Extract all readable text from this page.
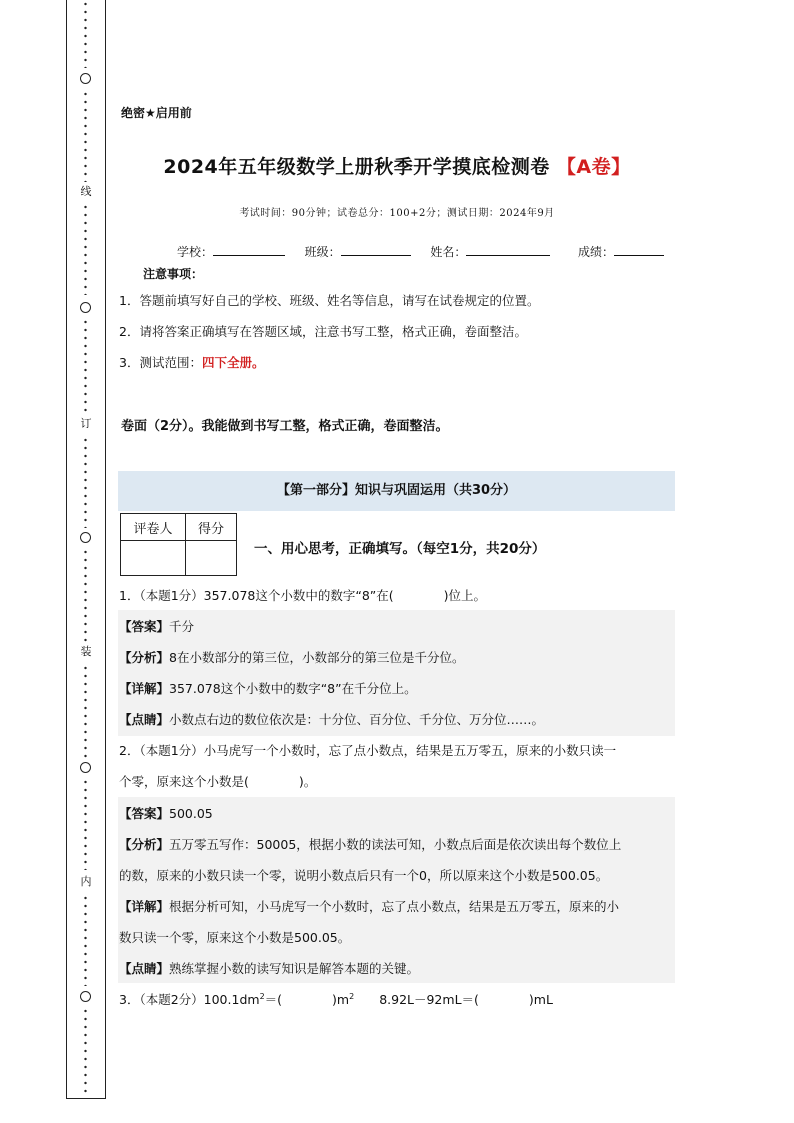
线
订
装
内
绝密★启用前
2024年五年级数学上册秋季开学摸底检测卷 【A卷】
考试时间：90分钟；试卷总分：100+2分；测试日期：2024年9月
学校：	班级：	姓名：	成绩：
注意事项：
1．答题前填写好自己的学校、班级、姓名等信息，请写在试卷规定的位置。
2．请将答案正确填写在答题区域，注意书写工整，格式正确，卷面整洁。
3．测试范围：四下全册。
卷面（2分）。我能做到书写工整，格式正确，卷面整洁。
【第一部分】知识与巩固运用（共30分）
评卷人	得分

一、用心思考，正确填写。（每空1分，共20分）
1．（本题1分）357.078这个小数中的数字“8”在(　　　　)位上。
【答案】千分
【分析】8在小数部分的第三位，小数部分的第三位是千分位。
【详解】357.078这个小数中的数字“8”在千分位上。
【点睛】小数点右边的数位依次是：十分位、百分位、千分位、万分位……。
2．（本题1分）小马虎写一个小数时，忘了点小数点，结果是五万零五，原来的小数只读一
个零，原来这个小数是(　　　　)。
【答案】500.05
【分析】五万零五写作：50005，根据小数的读法可知，小数点后面是依次读出每个数位上
的数，原来的小数只读一个零，说明小数点后只有一个0，所以原来这个小数是500.05。
【详解】根据分析可知，小马虎写一个小数时，忘了点小数点，结果是五万零五，原来的小
数只读一个零，原来这个小数是500.05。
【点睛】熟练掌握小数的读写知识是解答本题的关键。
3．（本题2分）$100.1dm^2=$(　　　　)$m^2$　　8.92L－92mL＝(　　　　)mL
